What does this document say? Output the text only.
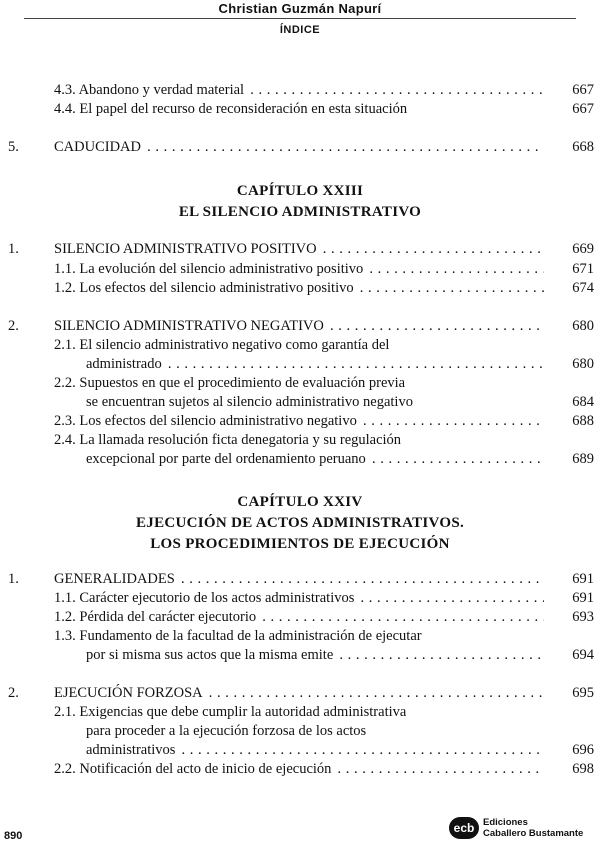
Christian Guzmán Napurí
ÍNDICE
4.3. Abandono y verdad material . . .	667
4.4. El papel del recurso de reconsideración en esta situación	667
5. CADUCIDAD . . .	668
CAPÍTULO XXIII
EL SILENCIO ADMINISTRATIVO
1. SILENCIO ADMINISTRATIVO POSITIVO . . .	669
1.1. La evolución del silencio administrativo positivo . . .	671
1.2. Los efectos del silencio administrativo positivo . . .	674
2. SILENCIO ADMINISTRATIVO NEGATIVO . . .	680
2.1. El silencio administrativo negativo como garantía del
administrado . . .	680
2.2. Supuestos en que el procedimiento de evaluación previa
se encuentran sujetos al silencio administrativo negativo	684
2.3. Los efectos del silencio administrativo negativo . . .	688
2.4. La llamada resolución ficta denegatoria y su regulación
excepcional por parte del ordenamiento peruano . . .	689
CAPÍTULO XXIV
EJECUCIÓN DE ACTOS ADMINISTRATIVOS.
LOS PROCEDIMIENTOS DE EJECUCIÓN
1. GENERALIDADES . . .	691
1.1. Carácter ejecutorio de los actos administrativos . . .	691
1.2. Pérdida del carácter ejecutorio . . .	693
1.3. Fundamento de la facultad de la administración de ejecutar
por si misma sus actos que la misma emite . . .	694
2. EJECUCIÓN FORZOSA . . .	695
2.1. Exigencias que debe cumplir la autoridad administrativa
para proceder a la ejecución forzosa de los actos
administrativos . . .	696
2.2. Notificación del acto de inicio de ejecución . . .	698
890
ecb Ediciones
Caballero Bustamante
